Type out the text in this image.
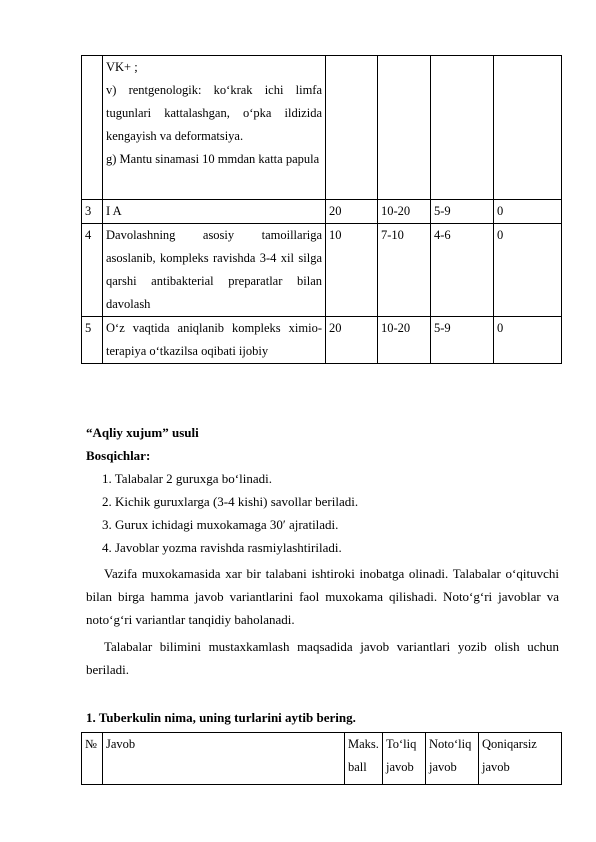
	VK+ ;
v) rentgenologik: ko‘krak ichi limfa tugunlari kattalashgan, o‘pka ildizida kengayish va deformatsiya.
g) Mantu sinamasi 10 mmdan katta papula				

3	I A	20	10-20	5-9	0
4	Davolashning asosiy tamoillariga asoslanib, kompleks ravishda 3-4 xil silga qarshi antibakterial preparatlar bilan davolash	10	7-10	4-6	0
5	O‘z vaqtida aniqlanib kompleks ximio-terapiya o‘tkazilsa oqibati ijobiy	20	10-20	5-9	0
“Aqliy xujum” usuli
Bosqichlar:
1. Talabalar 2 guruxga bo‘linadi.
2. Kichik guruxlarga (3-4 kishi) savollar beriladi.
3. Gurux ichidagi muxokamaga 30′ ajratiladi.
4. Javoblar yozma ravishda rasmiylashtiriladi.
Vazifa muxokamasida xar bir talabani ishtiroki inobatga olinadi. Talabalar o‘qituvchi bilan birga hamma javob variantlarini faol muxokama qilishadi. Noto‘g‘ri javoblar va noto‘g‘ri variantlar tanqidiy baholanadi.
Talabalar bilimini mustaxkamlash maqsadida javob variantlari yozib olish uchun beriladi.
1. Tuberkulin nima, uning turlarini aytib bering.
№	Javob	Maks. ball	To‘liq javob	Noto‘liq javob	Qoniqarsiz javob
